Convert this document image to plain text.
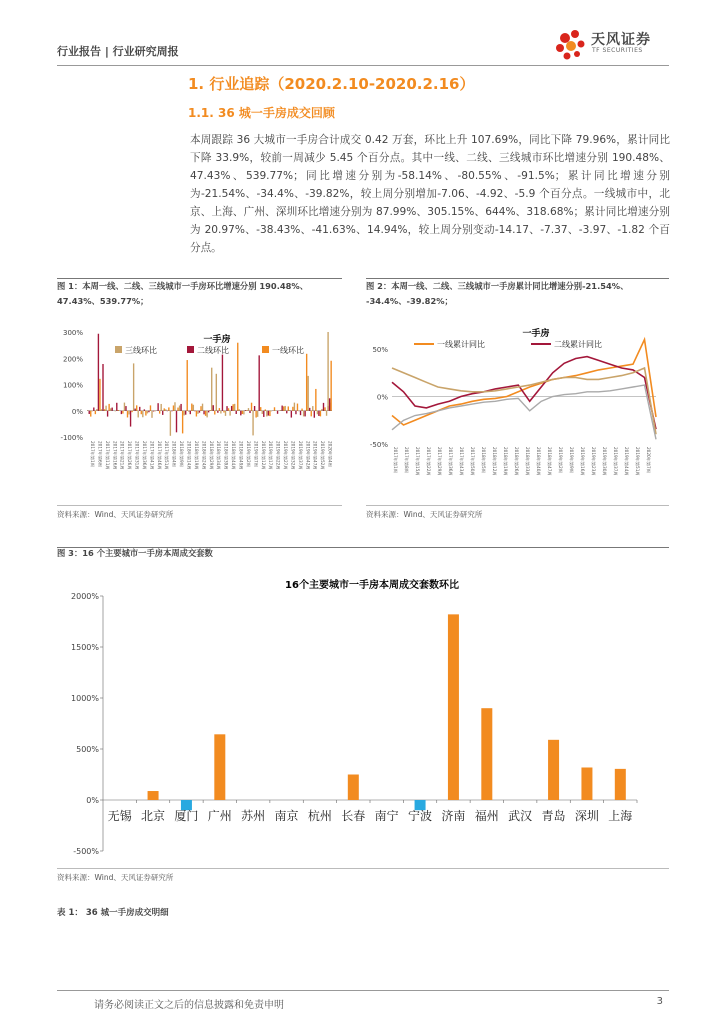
行业报告 | 行业研究周报
天风证券
TF SECURITIES
1. 行业追踪（2020.2.10-2020.2.16）
1.1. 36 城一手房成交回顾
本周跟踪 36 大城市一手房合计成交 0.42 万套，环比上升 107.69%，同比下降 79.96%，累计同比下降 33.9%，较前一周减少 5.45 个百分点。其中一线、二线、三线城市环比增速分别 190.48%、47.43%、539.77%；同比增速分别为-58.14%、-80.55%、-91.5%；累计同比增速分别为-21.54%、-34.4%、-39.82%，较上周分别增加-7.06、-4.92、-5.9 个百分点。一线城市中，北京、上海、广州、深圳环比增速分别为 87.99%、305.15%、644%、318.68%；累计同比增速分别为 20.97%、-38.43%、-41.63%、14.94%，较上周分别变动-14.17、-7.37、-3.97、-1.82 个百分点。
图 1：本周一线、二线、三线城市一手房环比增速分别 190.48%、
47.43%、539.77%；
图 2：本周一线、二线、三线城市一手房累计同比增速分别-21.54%、
-34.4%、-39.82%；
300%
200%
100%
0%
-100%
一手房
三线环比	二线环比	一线环比
2017年第1周 2017年第6周 2017年第11周 2017年第16周 2017年第21周 2017年第26周 2017年第31周 2017年第36周 2017年第41周 2017年第46周 2017年第51周 2018年第4周 2018年第9周 2018年第14周 2018年第19周 2018年第24周 2018年第29周 2018年第34周 2018年第39周 2018年第44周 2018年第49周 2019年第2周 2019年第7周 2019年第12周 2019年第17周 2019年第22周 2019年第27周 2019年第32周 2019年第37周 2019年第42周 2019年第47周 2019年第52周 2020年第4周
资料来源：Wind、天风证券研究所
50%
0%
-50%
一手房
一线累计同比	二线累计同比
2017年第1周 2017年第8周 2017年第15周 2017年第22周 2017年第29周 2017年第36周 2017年第43周 2017年第50周 2018年第5周 2018年第12周 2018年第19周 2018年第26周 2018年第33周 2018年第40周 2018年第47周 2019年第2周 2019年第9周 2019年第16周 2019年第23周 2019年第30周 2019年第37周 2019年第44周 2019年第51周 2020年第7周
资料来源：Wind、天风证券研究所
图 3：16 个主要城市一手房本周成交套数
16个主要城市一手房本周成交套数环比
2000%
1500%
1000%
500%
0%
-500%
无锡 北京 厦门 广州 苏州 南京 杭州 长春 南宁 宁波 济南 福州 武汉 青岛 深圳 上海
资料来源：Wind、天风证券研究所
表 1： 36 城一手房成交明细
请务必阅读正文之后的信息披露和免责申明	3
